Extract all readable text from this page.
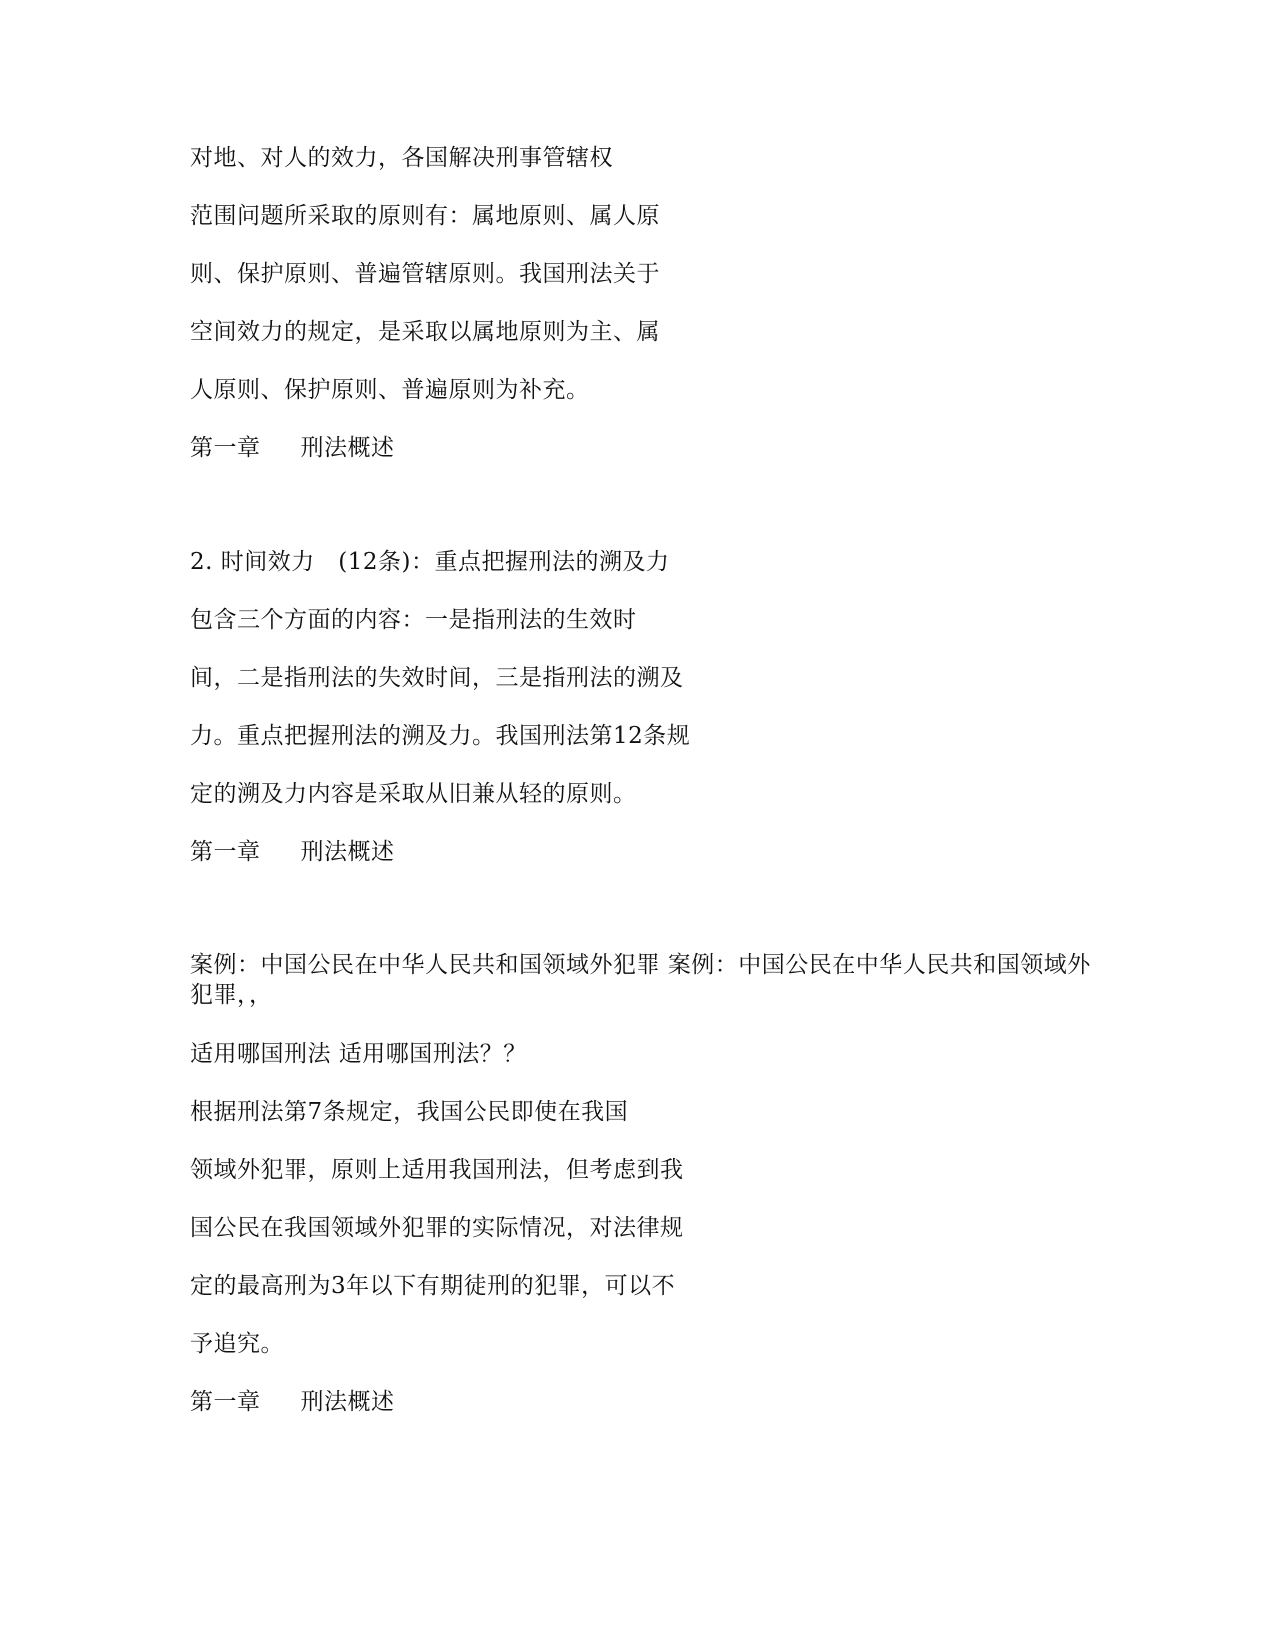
对地、对人的效力，各国解决刑事管辖权
范围问题所采取的原则有：属地原则、属人原
则、保护原则、普遍管辖原则。我国刑法关于
空间效力的规定，是采取以属地原则为主、属
人原则、保护原则、普遍原则为补充。
第一章 刑法概述
2. 时间效力　(12条)：重点把握刑法的溯及力
包含三个方面的内容：一是指刑法的生效时
间，二是指刑法的失效时间，三是指刑法的溯及
力。重点把握刑法的溯及力。我国刑法第12条规
定的溯及力内容是采取从旧兼从轻的原则。
第一章 刑法概述
案例：中国公民在中华人民共和国领域外犯罪 案例：中国公民在中华人民共和国领域外犯罪，，
适用哪国刑法 适用哪国刑法？？
根据刑法第7条规定，我国公民即使在我国
领域外犯罪，原则上适用我国刑法，但考虑到我
国公民在我国领域外犯罪的实际情况，对法律规
定的最高刑为3年以下有期徒刑的犯罪，可以不
予追究。
第一章 刑法概述
